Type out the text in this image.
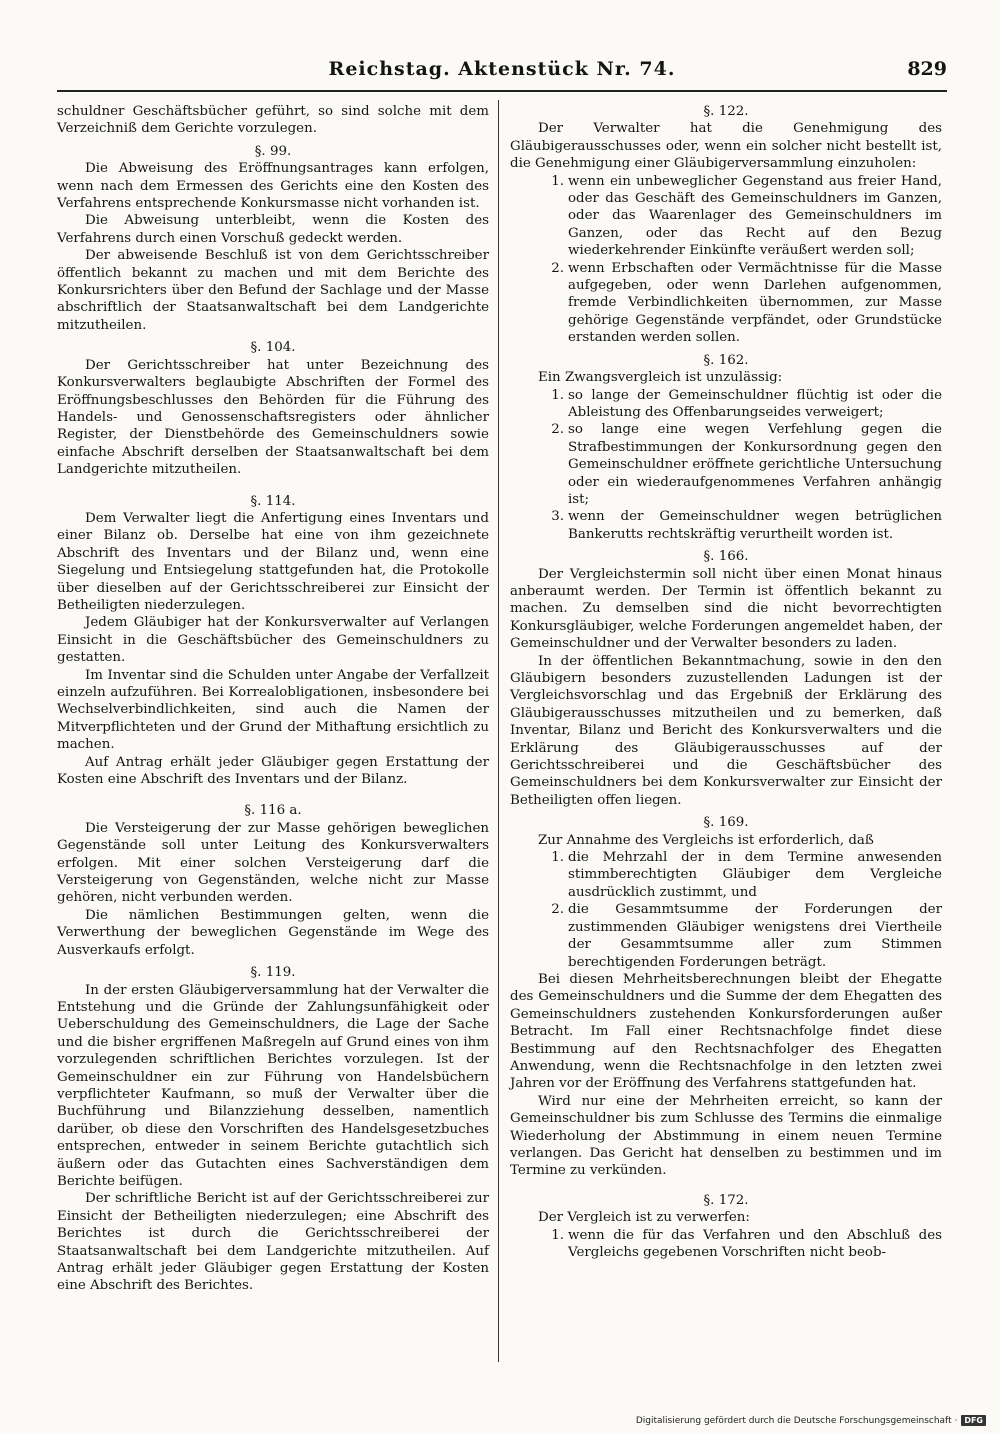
Reichstag. Aktenstück Nr. 74.	829

schuldner Geschäftsbücher geführt, so sind solche mit dem Verzeichniß dem Gerichte vorzulegen.

§. 99.

Die Abweisung des Eröffnungsantrages kann erfolgen, wenn nach dem Ermessen des Gerichts eine den Kosten des Verfahrens entsprechende Konkursmasse nicht vorhanden ist.

Die Abweisung unterbleibt, wenn die Kosten des Verfahrens durch einen Vorschuß gedeckt werden.

Der abweisende Beschluß ist von dem Gerichtsschreiber öffentlich bekannt zu machen und mit dem Berichte des Konkursrichters über den Befund der Sachlage und der Masse abschriftlich der Staatsanwaltschaft bei dem Landgerichte mitzutheilen.

§. 104.

Der Gerichtsschreiber hat unter Bezeichnung des Konkursverwalters beglaubigte Abschriften der Formel des Eröffnungsbeschlusses den Behörden für die Führung des Handels- und Genossenschaftsregisters oder ähnlicher Register, der Dienstbehörde des Gemeinschuldners sowie einfache Abschrift derselben der Staatsanwaltschaft bei dem Landgerichte mitzutheilen.

§. 114.

Dem Verwalter liegt die Anfertigung eines Inventars und einer Bilanz ob. Derselbe hat eine von ihm gezeichnete Abschrift des Inventars und der Bilanz und, wenn eine Siegelung und Entsiegelung stattgefunden hat, die Protokolle über dieselben auf der Gerichtsschreiberei zur Einsicht der Betheiligten niederzulegen.

Jedem Gläubiger hat der Konkursverwalter auf Verlangen Einsicht in die Geschäftsbücher des Gemeinschuldners zu gestatten.

Im Inventar sind die Schulden unter Angabe der Verfallzeit einzeln aufzuführen. Bei Korrealobligationen, insbesondere bei Wechselverbindlichkeiten, sind auch die Namen der Mitverpflichteten und der Grund der Mithaftung ersichtlich zu machen.

Auf Antrag erhält jeder Gläubiger gegen Erstattung der Kosten eine Abschrift des Inventars und der Bilanz.

§. 116 a.

Die Versteigerung der zur Masse gehörigen beweglichen Gegenstände soll unter Leitung des Konkursverwalters erfolgen. Mit einer solchen Versteigerung darf die Versteigerung von Gegenständen, welche nicht zur Masse gehören, nicht verbunden werden.

Die nämlichen Bestimmungen gelten, wenn die Verwerthung der beweglichen Gegenstände im Wege des Ausverkaufs erfolgt.

§. 119.

In der ersten Gläubigerversammlung hat der Verwalter die Entstehung und die Gründe der Zahlungsunfähigkeit oder Ueberschuldung des Gemeinschuldners, die Lage der Sache und die bisher ergriffenen Maßregeln auf Grund eines von ihm vorzulegenden schriftlichen Berichtes vorzulegen. Ist der Gemeinschuldner ein zur Führung von Handelsbüchern verpflichteter Kaufmann, so muß der Verwalter über die Buchführung und Bilanzziehung desselben, namentlich darüber, ob diese den Vorschriften des Handelsgesetzbuches entsprechen, entweder in seinem Berichte gutachtlich sich äußern oder das Gutachten eines Sachverständigen dem Berichte beifügen.

Der schriftliche Bericht ist auf der Gerichtsschreiberei zur Einsicht der Betheiligten niederzulegen; eine Abschrift des Berichtes ist durch die Gerichtsschreiberei der Staatsanwaltschaft bei dem Landgerichte mitzutheilen. Auf Antrag erhält jeder Gläubiger gegen Erstattung der Kosten eine Abschrift des Berichtes.

§. 122.

Der Verwalter hat die Genehmigung des Gläubigerausschusses oder, wenn ein solcher nicht bestellt ist, die Genehmigung einer Gläubigerversammlung einzuholen:

1. wenn ein unbeweglicher Gegenstand aus freier Hand, oder das Geschäft des Gemeinschuldners im Ganzen, oder das Waarenlager des Gemeinschuldners im Ganzen, oder das Recht auf den Bezug wiederkehrender Einkünfte veräußert werden soll;
2. wenn Erbschaften oder Vermächtnisse für die Masse aufgegeben, oder wenn Darlehen aufgenommen, fremde Verbindlichkeiten übernommen, zur Masse gehörige Gegenstände verpfändet, oder Grundstücke erstanden werden sollen.
§. 162.

Ein Zwangsvergleich ist unzulässig:

1. so lange der Gemeinschuldner flüchtig ist oder die Ableistung des Offenbarungseides verweigert;
2. so lange eine wegen Verfehlung gegen die Strafbestimmungen der Konkursordnung gegen den Gemeinschuldner eröffnete gerichtliche Untersuchung oder ein wiederaufgenommenes Verfahren anhängig ist;
3. wenn der Gemeinschuldner wegen betrüglichen Bankerutts rechtskräftig verurtheilt worden ist.
§. 166.

Der Vergleichstermin soll nicht über einen Monat hinaus anberaumt werden. Der Termin ist öffentlich bekannt zu machen. Zu demselben sind die nicht bevorrechtigten Konkursgläubiger, welche Forderungen angemeldet haben, der Gemeinschuldner und der Verwalter besonders zu laden.

In der öffentlichen Bekanntmachung, sowie in den den Gläubigern besonders zuzustellenden Ladungen ist der Vergleichsvorschlag und das Ergebniß der Erklärung des Gläubigerausschusses mitzutheilen und zu bemerken, daß Inventar, Bilanz und Bericht des Konkursverwalters und die Erklärung des Gläubigerausschusses auf der Gerichtsschreiberei und die Geschäftsbücher des Gemeinschuldners bei dem Konkursverwalter zur Einsicht der Betheiligten offen liegen.

§. 169.

Zur Annahme des Vergleichs ist erforderlich, daß

1. die Mehrzahl der in dem Termine anwesenden stimmberechtigten Gläubiger dem Vergleiche ausdrücklich zustimmt, und
2. die Gesammtsumme der Forderungen der zustimmenden Gläubiger wenigstens drei Viertheile der Gesammtsumme aller zum Stimmen berechtigenden Forderungen beträgt.

Bei diesen Mehrheitsberechnungen bleibt der Ehegatte des Gemeinschuldners und die Summe der dem Ehegatten des Gemeinschuldners zustehenden Konkursforderungen außer Betracht. Im Fall einer Rechtsnachfolge findet diese Bestimmung auf den Rechtsnachfolger des Ehegatten Anwendung, wenn die Rechtsnachfolge in den letzten zwei Jahren vor der Eröffnung des Verfahrens stattgefunden hat.

Wird nur eine der Mehrheiten erreicht, so kann der Gemeinschuldner bis zum Schlusse des Termins die einmalige Wiederholung der Abstimmung in einem neuen Termine verlangen. Das Gericht hat denselben zu bestimmen und im Termine zu verkünden.

§. 172.

Der Vergleich ist zu verwerfen:

1. wenn die für das Verfahren und den Abschluß des Vergleichs gegebenen Vorschriften nicht beob-
Digitalisierung gefördert durch die Deutsche Forschungsgemeinschaft · DFG
